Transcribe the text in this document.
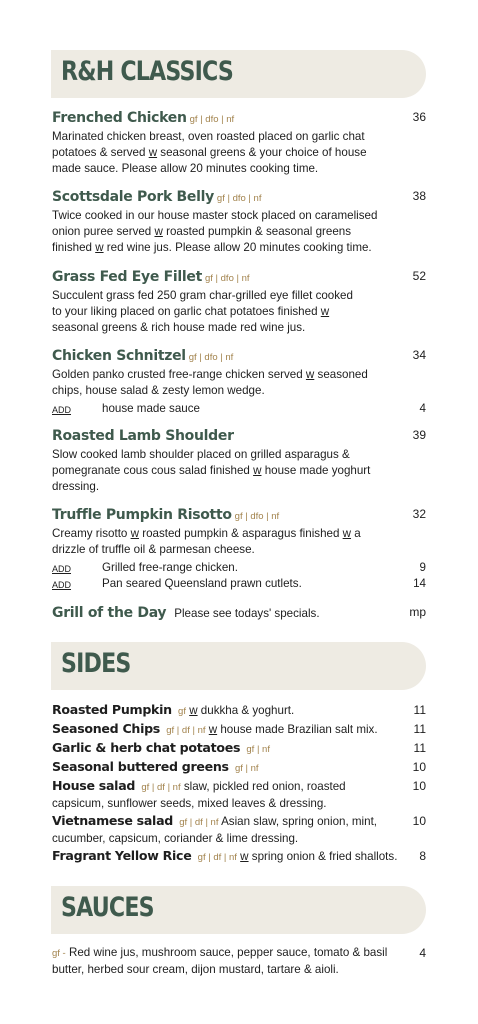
R&H CLASSICS
Frenched Chicken gf | dfo | nf	36
Marinated chicken breast, oven roasted placed on garlic chat potatoes & served w seasonal greens & your choice of house made sauce. Please allow 20 minutes cooking time.
Scottsdale Pork Belly gf | dfo | nf	38
Twice cooked in our house master stock placed on caramelised onion puree served w roasted pumpkin & seasonal greens finished w red wine jus. Please allow 20 minutes cooking time.
Grass Fed Eye Fillet gf | dfo | nf	52
Succulent grass fed 250 gram char-grilled eye fillet cooked to your liking placed on garlic chat potatoes finished w seasonal greens & rich house made red wine jus.
Chicken Schnitzel gf | dfo | nf	34
Golden panko crusted free-range chicken served w seasoned chips, house salad & zesty lemon wedge.
ADD	house made sauce	4
Roasted Lamb Shoulder	39
Slow cooked lamb shoulder placed on grilled asparagus & pomegranate cous cous salad finished w house made yoghurt dressing.
Truffle Pumpkin Risotto gf | dfo | nf	32
Creamy risotto w roasted pumpkin & asparagus finished w a drizzle of truffle oil & parmesan cheese.
ADD	Grilled free-range chicken.	9
ADD	Pan seared Queensland prawn cutlets.	14
Grill of the Day Please see todays' specials.	mp
SIDES
Roasted Pumpkin gf w dukkha & yoghurt.	11
Seasoned Chips gf | df | nf w house made Brazilian salt mix.	11
Garlic & herb chat potatoes gf | nf	11
Seasonal buttered greens gf | nf	10
House salad gf | df | nf slaw, pickled red onion, roasted	10
capsicum, sunflower seeds, mixed leaves & dressing.
Vietnamese salad gf | df | nf Asian slaw, spring onion, mint,	10
cucumber, capsicum, coriander & lime dressing.
Fragrant Yellow Rice gf | df | nf w spring onion & fried shallots. 8
SAUCES
gf - Red wine jus, mushroom sauce, pepper sauce, tomato & basil	4
butter, herbed sour cream, dijon mustard, tartare & aioli.
